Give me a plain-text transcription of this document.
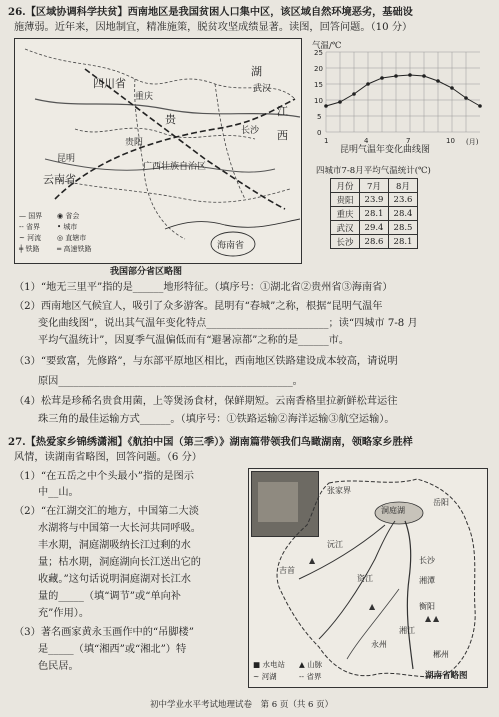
26.【区域协调科学扶贫】西南地区是我国贫困人口集中区，该区域自然环境恶劣，基础设
施薄弱。近年来，因地制宜，精准施策，脱贫攻坚成绩显著。读图，回答问题。（10 分）
四川省
贵
湖
江
西
云南省
广西壮族自治区
海南省
昆明
武汉
长沙
重庆
贵阳
— 国界
-- 省界
~ 河流
╪ 铁路
◉ 省会
• 城市
◎ 直辖市
═ 高速铁路
我国部分省区略图
气温/℃
25
20
15
10
5
0
1	4	7	10 (月)
昆明气温年变化曲线图
四城市7-8月平均气温统计(℃)
月份	7月	8月
贵阳	23.9	23.6
重庆	28.1	28.4
武汉	29.4	28.5
长沙	28.6	28.1
（1）“地无三里平”指的是______地形特征。（填序号：①湖北省②贵州省③海南省）
（2）西南地区气候宜人，吸引了众多游客。昆明有“春城”之称，根据“昆明气温年
变化曲线图”，说出其气温年变化特点________________________；读“四城市 7-8 月
平均气温统计”，因夏季气温偏低而有“避暑凉都”之称的是______市。
（3）“要致富，先修路”，与东部平原地区相比，西南地区铁路建设成本较高，请说明
原因______________________________________________。
（4）松茸是珍稀名贵食用菌，上等煲汤食材，保鲜期短。云南香格里拉新鲜松茸运往
珠三角的最佳运输方式______。（填序号：①铁路运输②海洋运输③航空运输）。
27.【热爱家乡锦绣潇湘】《航拍中国（第三季）》湖南篇带领我们鸟瞰湖南，领略家乡胜样
风情，读湖南省略图，回答问题。（6 分）
（1）“在五岳之中个头最小”指的是图示
中__山。
（2）“在江湖交汇的地方，中国第二大淡
水湖将与中国第一大长河共同呼吸。
丰水期，洞庭湖吸纳长江过剩的水
量；枯水期，洞庭湖向长江送出它的
收藏。”这句话说明洞庭湖对长江水
量的_____（填“调节”或“单向补
充”作用）。
（3）著名画家黄永玉画作中的“吊脚楼”
是_____（填“湘西”或“湘北”）特
色民居。
▲ ▲
▲
▲
洞庭湖
岳阳
长沙
湘潭
衡阳
永州
湘江
资江
沅江
郴州
张家界
吉首
■ 水电站 ▲ 山脉
~ 河湖	-- 省界	湖南省略图
初中学业水平考试地理试卷　第 6 页（共 6 页）
